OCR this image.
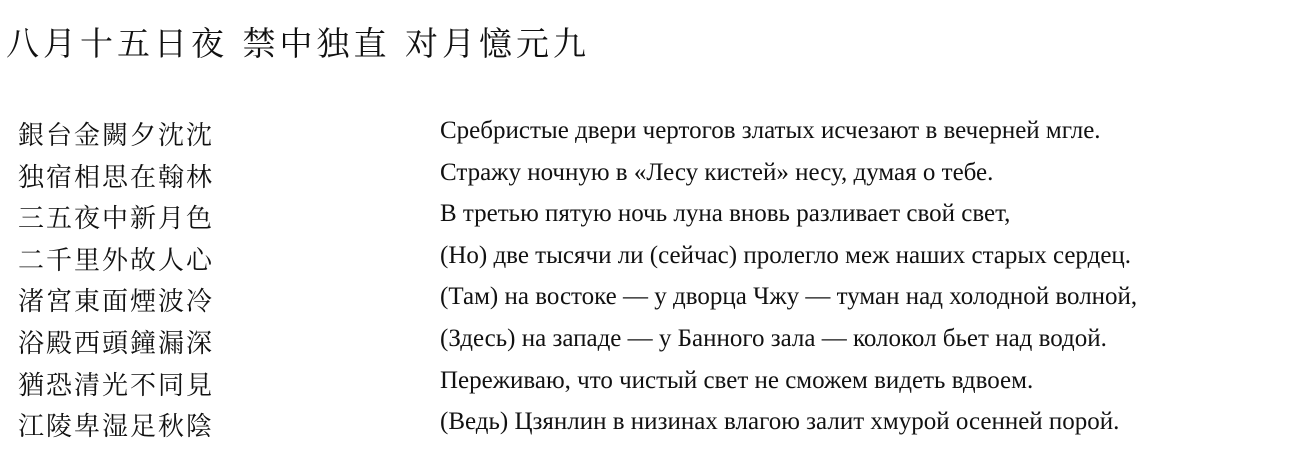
八月十五日夜 禁中独直 对月憶元九
銀台金闕夕沈沈	Сребристые двери чертогов златых исчезают в вечерней мгле.
独宿相思在翰林	Стражу ночную в «Лесу кистей» несу, думая о тебе.
三五夜中新月色	В третью пятую ночь луна вновь разливает свой свет,
二千里外故人心	(Но) две тысячи ли (сейчас) пролегло меж наших старых сердец.
渚宮東面煙波冷	(Там) на востоке — у дворца Чжу — туман над холодной волной,
浴殿西頭鐘漏深	(Здесь) на западе — у Банного зала — колокол бьет над водой.
猶恐清光不同見	Переживаю, что чистый свет не сможем видеть вдвоем.
江陵卑湿足秋陰	(Ведь) Цзянлин в низинах влагою залит хмурой осенней порой.
